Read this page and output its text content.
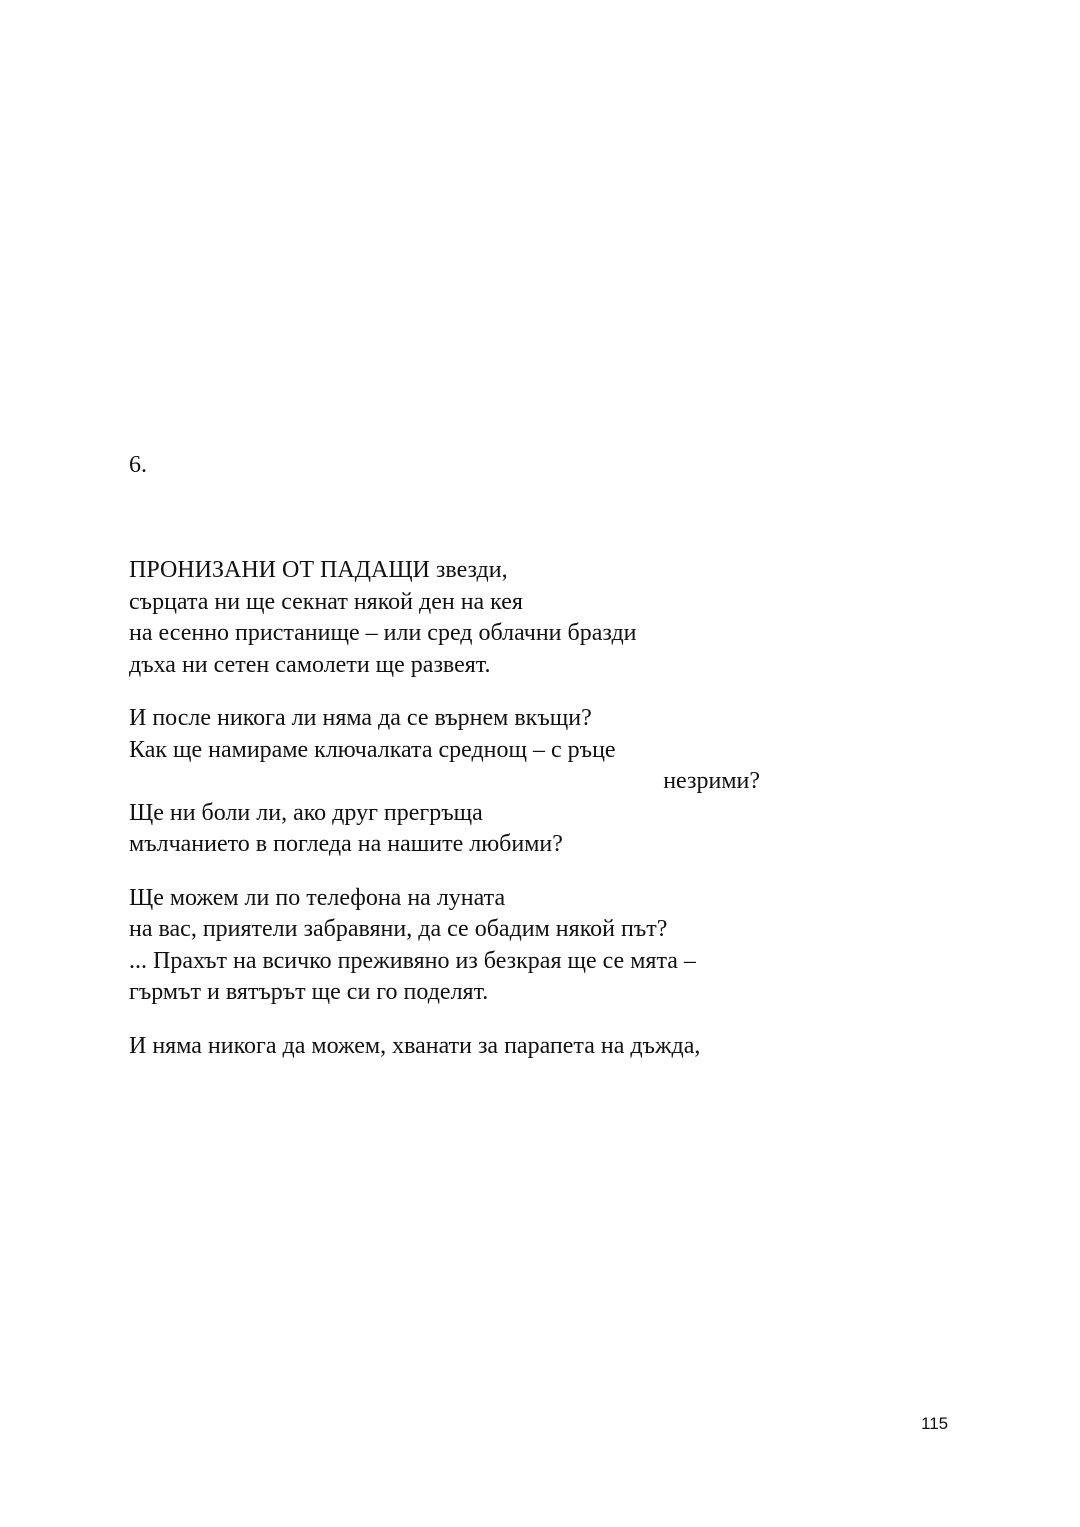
6.

ПРОНИЗАНИ ОТ ПАДАЩИ звезди,
сърцата ни ще секнат някой ден на кея
на есенно пристанище – или сред облачни бразди
дъха ни сетен самолети ще развеят.
И после никога ли няма да се върнем вкъщи?
Как ще намираме ключалката среднощ – с ръце
незрими?
Ще ни боли ли, ако друг прегръща
мълчанието в погледа на нашите любими?
Ще можем ли по телефона на луната
на вас, приятели забравяни, да се обадим някой път?
... Прахът на всичко преживяно из безкрая ще се мята –
гърмът и вятърът ще си го поделят.
И няма никога да можем, хванати за парапета на дъжда,
115
